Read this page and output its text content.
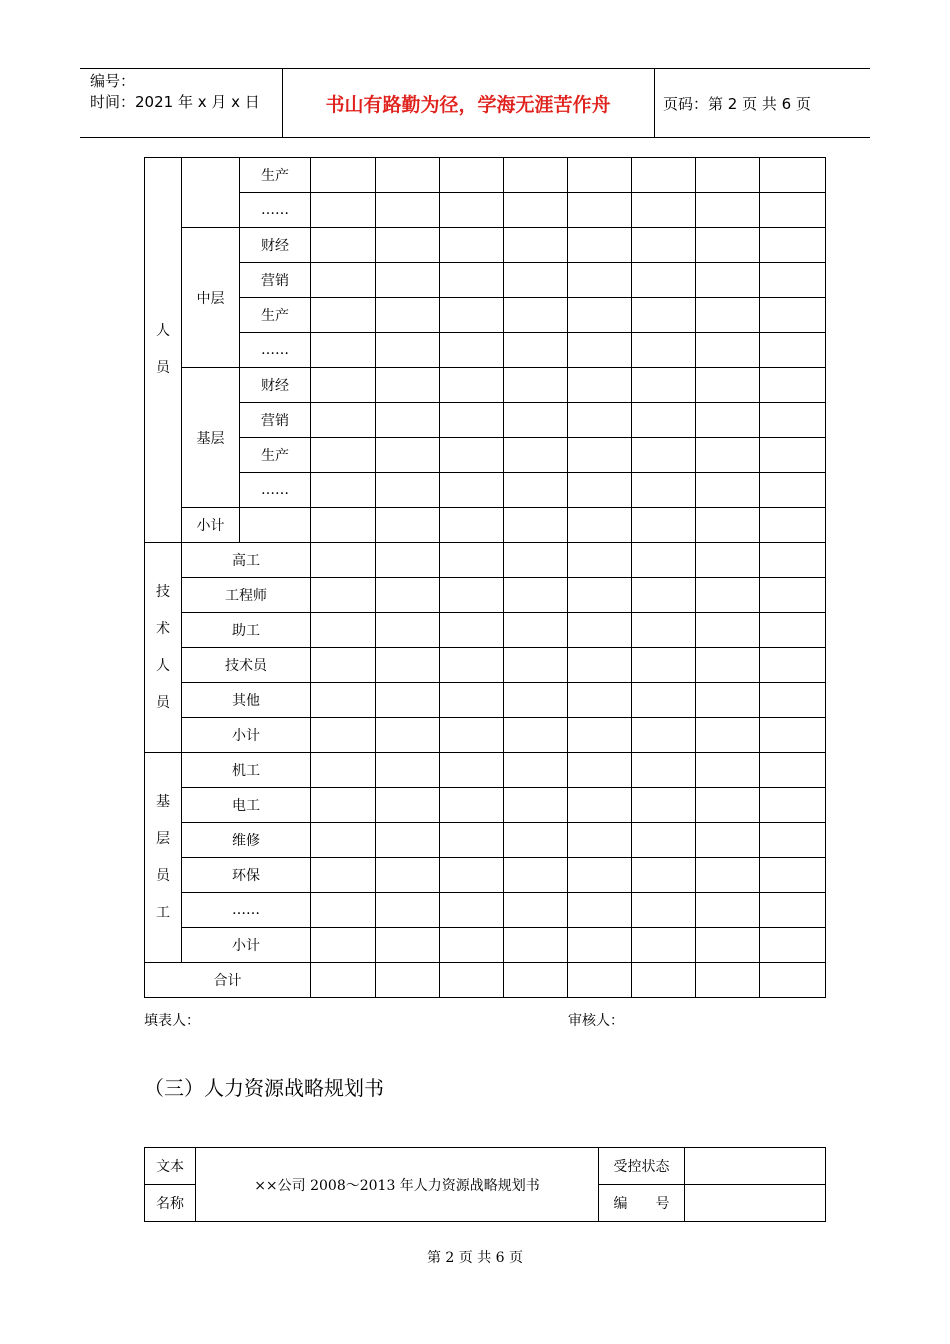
编号：
时间：2021 年 x 月 x 日	书山有路勤为径，学海无涯苦作舟	页码：第 2 页 共 6 页
人
员		生产								
		……								
	中层	财经								
		营销								
		生产								
		……								
	基层	财经								
		营销								
		生产								
		……								
	小计									

技
术
人
员	高工									
	工程师									
	助工									
	技术员									
	其他									
	小计									

基
层
员
工	机工									
	电工									
	维修									
	环保									
	……									
	小计									
合计										
填表人：	审核人：
（三）人力资源战略规划书
文本	××公司 2008～2013 年人力资源战略规划书	受控状态	
名称		编　　号	
第 2 页 共 6 页
